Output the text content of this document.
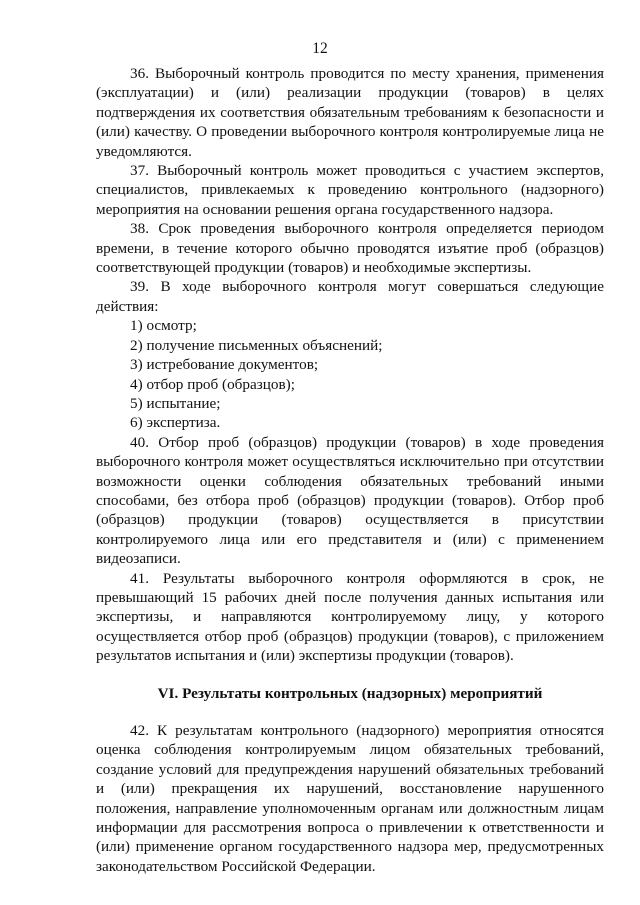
12

36. Выборочный контроль проводится по месту хранения, применения (эксплуатации) и (или) реализации продукции (товаров) в целях подтверждения их соответствия обязательным требованиям к безопасности и (или) качеству. О проведении выборочного контроля контролируемые лица не уведомляются.

37. Выборочный контроль может проводиться с участием экспертов, специалистов, привлекаемых к проведению контрольного (надзорного) мероприятия на основании решения органа государственного надзора.

38. Срок проведения выборочного контроля определяется периодом времени, в течение которого обычно проводятся изъятие проб (образцов) соответствующей продукции (товаров) и необходимые экспертизы.

39. В ходе выборочного контроля могут совершаться следующие действия:

1) осмотр;

2) получение письменных объяснений;

3) истребование документов;

4) отбор проб (образцов);

5) испытание;

6) экспертиза.

40. Отбор проб (образцов) продукции (товаров) в ходе проведения выборочного контроля может осуществляться исключительно при отсутствии возможности оценки соблюдения обязательных требований иными способами, без отбора проб (образцов) продукции (товаров). Отбор проб (образцов) продукции (товаров) осуществляется в присутствии контролируемого лица или его представителя и (или) с применением видеозаписи.

41. Результаты выборочного контроля оформляются в срок, не превышающий 15 рабочих дней после получения данных испытания или экспертизы, и направляются контролируемому лицу, у которого осуществляется отбор проб (образцов) продукции (товаров), с приложением результатов испытания и (или) экспертизы продукции (товаров).

VI. Результаты контрольных (надзорных) мероприятий

42. К результатам контрольного (надзорного) мероприятия относятся оценка соблюдения контролируемым лицом обязательных требований, создание условий для предупреждения нарушений обязательных требований и (или) прекращения их нарушений, восстановление нарушенного положения, направление уполномоченным органам или должностным лицам информации для рассмотрения вопроса о привлечении к ответственности и (или) применение органом государственного надзора мер, предусмотренных законодательством Российской Федерации.
